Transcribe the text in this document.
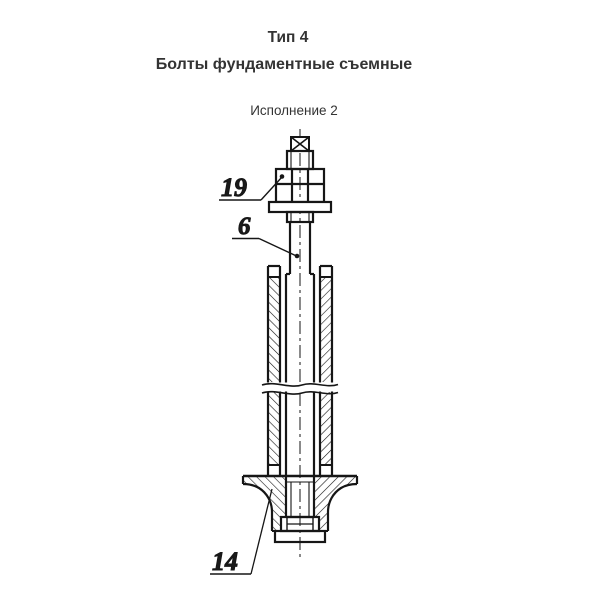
Тип 4
Болты фундаментные съемные
Исполнение 2
19
6
14
